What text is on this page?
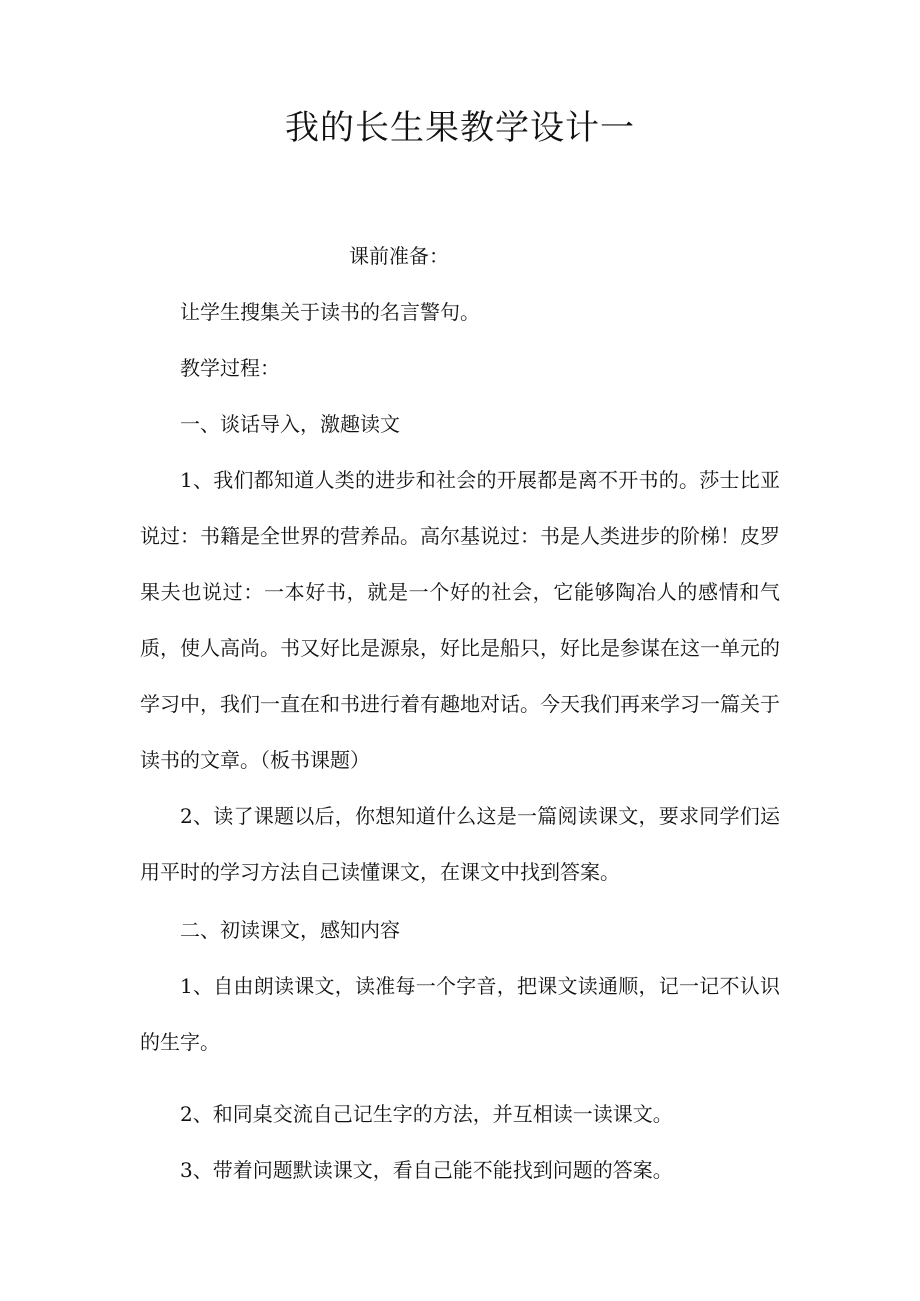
我的长生果教学设计一
课前准备：
让学生搜集关于读书的名言警句。
教学过程：
一、谈话导入，激趣读文
1、我们都知道人类的进步和社会的开展都是离不开书的。莎士比亚说过：书籍是全世界的营养品。高尔基说过：书是人类进步的阶梯！皮罗果夫也说过：一本好书，就是一个好的社会，它能够陶冶人的感情和气质，使人高尚。书又好比是源泉，好比是船只，好比是参谋在这一单元的学习中，我们一直在和书进行着有趣地对话。今天我们再来学习一篇关于读书的文章。（板书课题）
2、读了课题以后，你想知道什么这是一篇阅读课文，要求同学们运用平时的学习方法自己读懂课文，在课文中找到答案。
二、初读课文，感知内容
1、自由朗读课文，读准每一个字音，把课文读通顺，记一记不认识的生字。
2、和同桌交流自己记生字的方法，并互相读一读课文。
3、带着问题默读课文，看自己能不能找到问题的答案。
